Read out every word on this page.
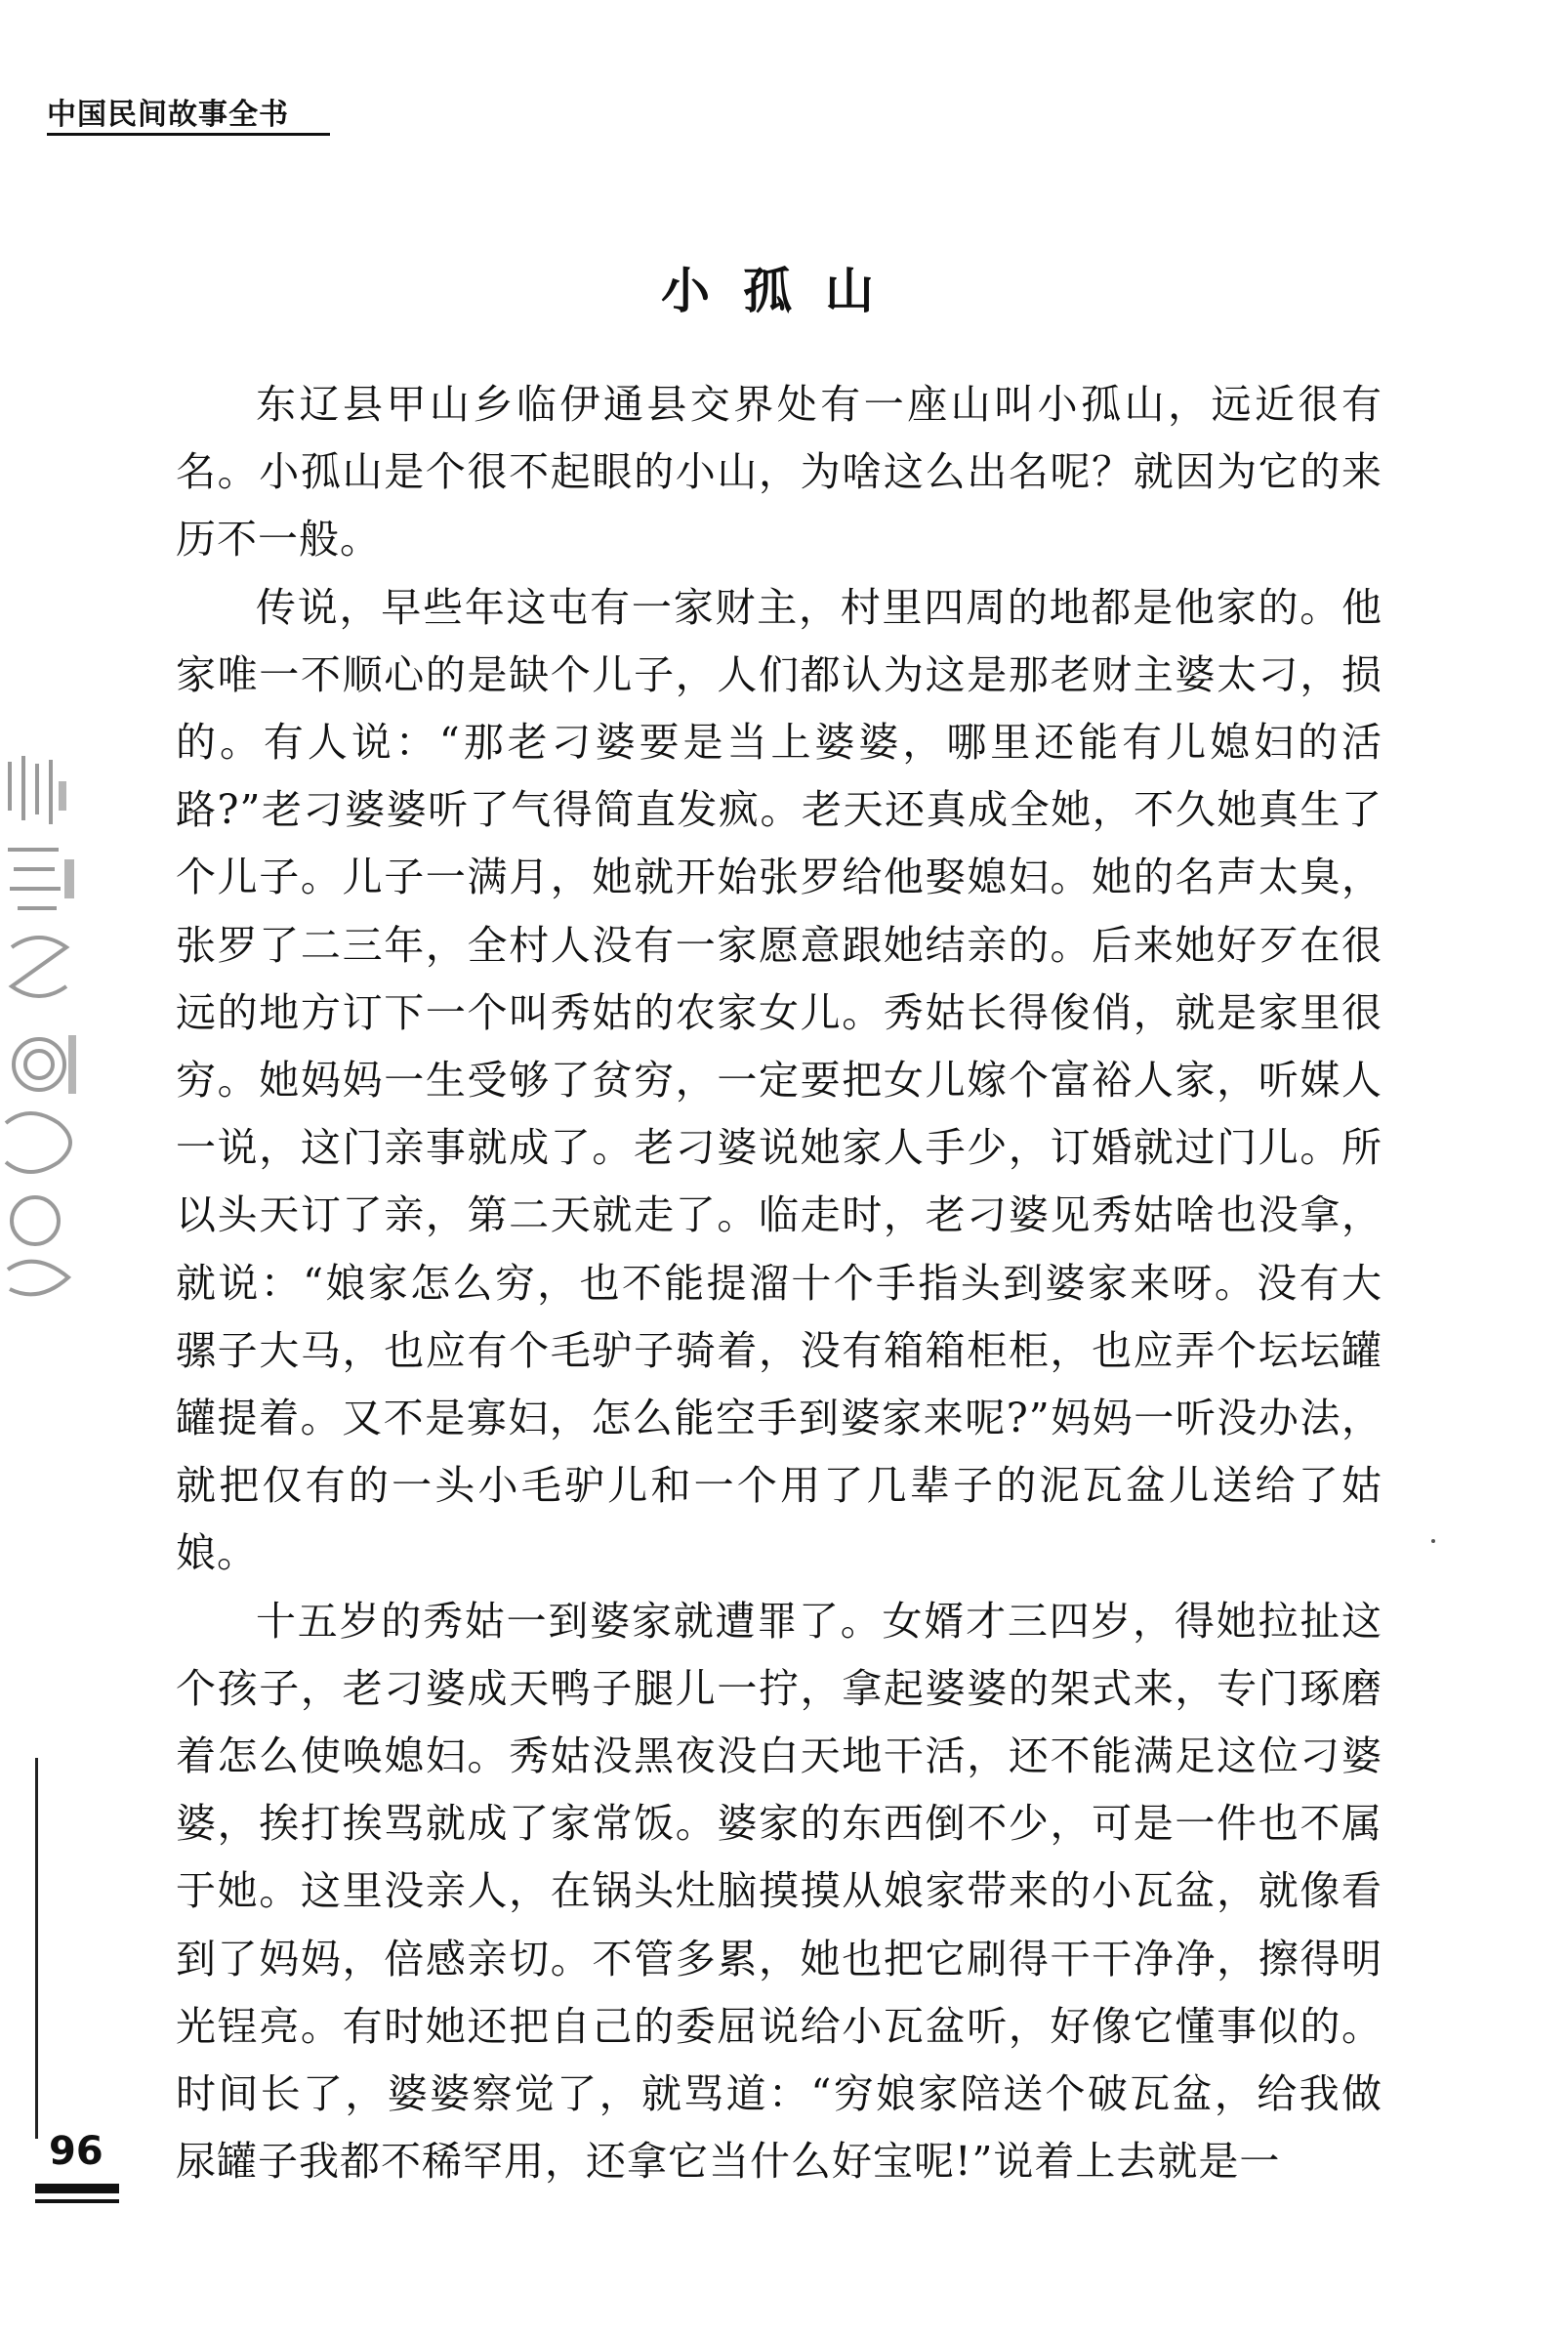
中国民间故事全书
小孤山

东辽县甲山乡临伊通县交界处有一座山叫小孤山，远近很有名。小孤山是个很不起眼的小山，为啥这么出名呢？就因为它的来历不一般。

传说，早些年这屯有一家财主，村里四周的地都是他家的。他家唯一不顺心的是缺个儿子，人们都认为这是那老财主婆太刁，损的。有人说：“那老刁婆要是当上婆婆，哪里还能有儿媳妇的活路?”老刁婆婆听了气得简直发疯。老天还真成全她，不久她真生了个儿子。儿子一满月，她就开始张罗给他娶媳妇。她的名声太臭，张罗了二三年，全村人没有一家愿意跟她结亲的。后来她好歹在很远的地方订下一个叫秀姑的农家女儿。秀姑长得俊俏，就是家里很穷。她妈妈一生受够了贫穷，一定要把女儿嫁个富裕人家，听媒人一说，这门亲事就成了。老刁婆说她家人手少，订婚就过门儿。所以头天订了亲，第二天就走了。临走时，老刁婆见秀姑啥也没拿，就说：“娘家怎么穷，也不能提溜十个手指头到婆家来呀。没有大骡子大马，也应有个毛驴子骑着，没有箱箱柜柜，也应弄个坛坛罐罐提着。又不是寡妇，怎么能空手到婆家来呢?”妈妈一听没办法，就把仅有的一头小毛驴儿和一个用了几辈子的泥瓦盆儿送给了姑娘。

十五岁的秀姑一到婆家就遭罪了。女婿才三四岁，得她拉扯这个孩子，老刁婆成天鸭子腿儿一拧，拿起婆婆的架式来，专门琢磨着怎么使唤媳妇。秀姑没黑夜没白天地干活，还不能满足这位刁婆婆，挨打挨骂就成了家常饭。婆家的东西倒不少，可是一件也不属于她。这里没亲人，在锅头灶脑摸摸从娘家带来的小瓦盆，就像看到了妈妈，倍感亲切。不管多累，她也把它刷得干干净净，擦得明光锃亮。有时她还把自己的委屈说给小瓦盆听，好像它懂事似的。时间长了，婆婆察觉了，就骂道：“穷娘家陪送个破瓦盆，给我做尿罐子我都不稀罕用，还拿它当什么好宝呢!”说着上去就是一

96
